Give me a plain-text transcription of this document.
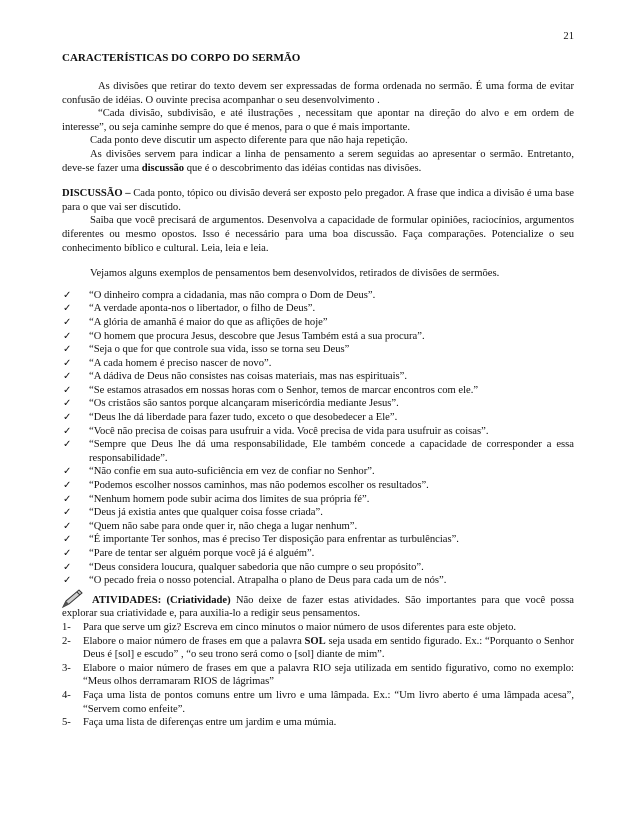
21
CARACTERÍSTICAS DO CORPO DO SERMÃO

As divisões que retirar do texto devem ser expressadas de forma ordenada no sermão. É uma forma de evitar confusão de idéias. O ouvinte precisa acompanhar o seu desenvolvimento .

“Cada divisão, subdivisão, e até ilustrações , necessitam que apontar na direção do alvo e em ordem de interesse”, ou seja caminhe sempre do que é menos, para o que é mais importante.

Cada ponto deve discutir um aspecto diferente para que não haja repetição.

As divisões servem para indicar a linha de pensamento a serem seguidas ao apresentar o sermão. Entretanto, deve-se fazer uma discussão que é o descobrimento das idéias contidas nas divisões.

DISCUSSÃO – Cada ponto, tópico ou divisão deverá ser exposto pelo pregador. A frase que indica a divisão é uma base para o que vai ser discutido.

Saiba que você precisará de argumentos. Desenvolva a capacidade de formular opiniões, raciocínios, argumentos diferentes ou mesmo opostos. Isso é necessário para uma boa discussão. Faça comparações. Potencialize o seu conhecimento bíblico e cultural. Leia, leia e leia.

Vejamos alguns exemplos de pensamentos bem desenvolvidos, retirados de divisões de sermões.

✓ “O dinheiro compra a cidadania, mas não compra o Dom de Deus”.
✓ “A verdade aponta-nos o libertador, o filho de Deus”.
✓ “A glória de amanhã é maior do que as aflições de hoje”
✓ “O homem que procura Jesus, descobre que Jesus Também está a sua procura”.
✓ “Seja o que for que controle sua vida, isso se torna seu Deus”
✓ “A cada homem é preciso nascer de novo”.
✓ “A dádiva de Deus não consistes nas coisas materiais, mas nas espirituais”.
✓ “Se estamos atrasados em nossas horas com o Senhor, temos de marcar encontros com ele.”
✓ “Os cristãos são santos porque alcançaram misericórdia mediante Jesus”.
✓ “Deus lhe dá liberdade para fazer tudo, exceto o que desobedecer a Ele”.
✓ “Você não precisa de coisas para usufruir a vida. Você precisa de vida para usufruir as coisas”.
✓ “Sempre que Deus lhe dá uma responsabilidade, Ele também concede a capacidade de corresponder a essa responsabilidade”.
✓ “Não confie em sua auto-suficiência em vez de confiar no Senhor”.
✓ “Podemos escolher nossos caminhos, mas não podemos escolher os resultados”.
✓ “Nenhum homem pode subir acima dos limites de sua própria fé”.
✓ “Deus já existia antes que qualquer coisa fosse criada”.
✓ “Quem não sabe para onde quer ir, não chega a lugar nenhum”.
✓ “É importante Ter sonhos, mas é preciso Ter disposição para enfrentar as turbulências”.
✓ “Pare de tentar ser alguém porque você já é alguém”.
✓ “Deus considera loucura, qualquer sabedoria que não cumpre o seu propósito”.
✓ “O pecado freia o nosso potencial. Atrapalha o plano de Deus para cada um de nós”.

ATIVIDADES: (Criatividade) Não deixe de fazer estas atividades. São importantes para que você possa explorar sua criatividade e, para auxilia-lo a redigir seus pensamentos.

1- Para que serve um giz? Escreva em cinco minutos o maior número de usos diferentes para este objeto.
2- Elabore o maior número de frases em que a palavra SOL seja usada em sentido figurado. Ex.: “Porquanto o Senhor Deus é [sol] e escudo” , “o seu trono será como o [sol] diante de mim”.
3- Elabore o maior número de frases em que a palavra RIO seja utilizada em sentido figurativo, como no exemplo: “Meus olhos derramaram RIOS de lágrimas”
4- Faça uma lista de pontos comuns entre um livro e uma lâmpada. Ex.: “Um livro aberto é uma lâmpada acesa”, “Servem como enfeite”.
5- Faça uma lista de diferenças entre um jardim e uma múmia.
